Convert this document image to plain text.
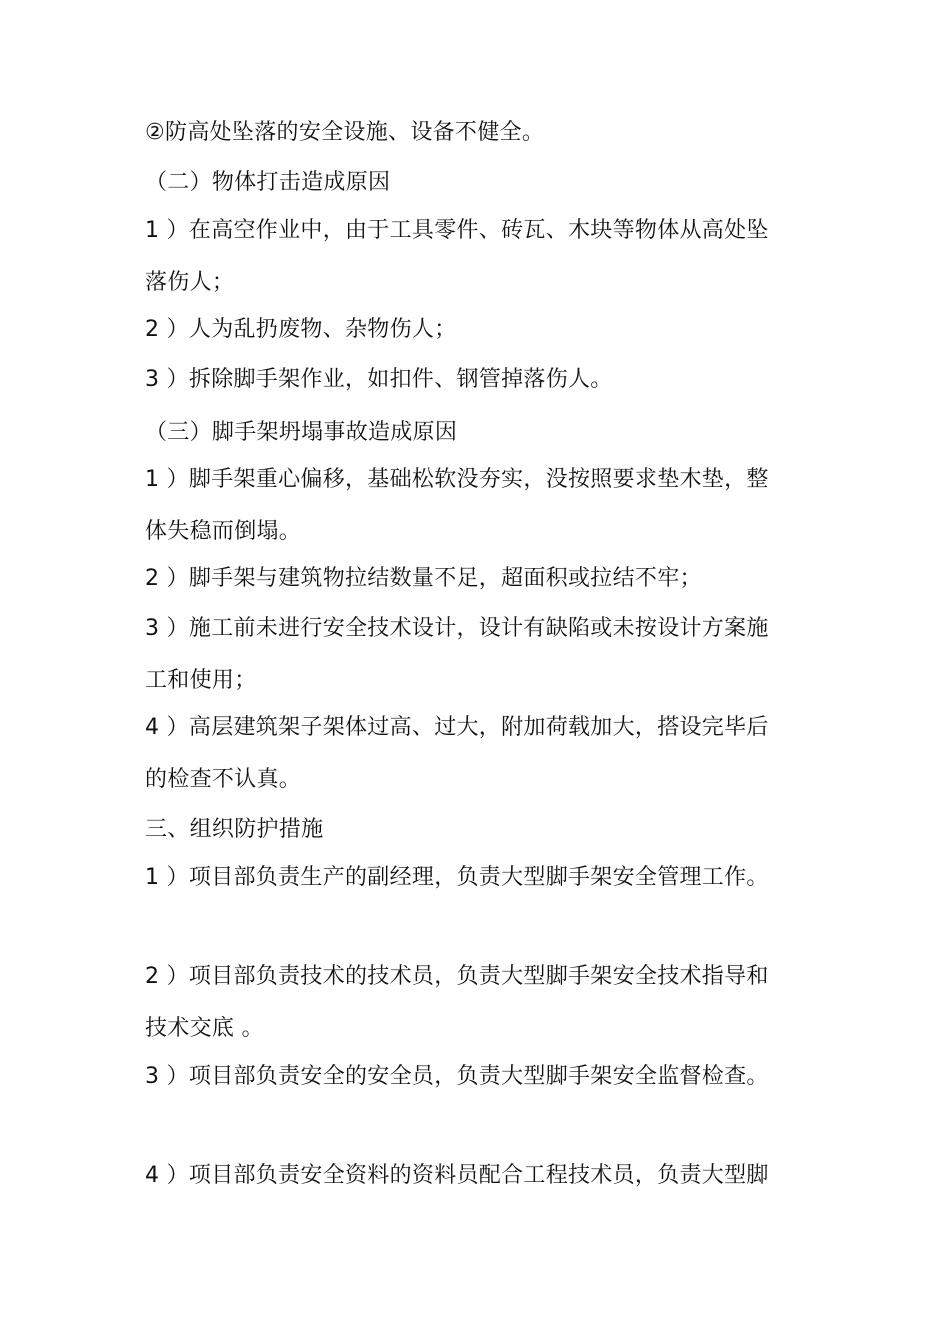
②防高处坠落的安全设施、设备不健全。
（二）物体打击造成原因
1 ）在高空作业中，由于工具零件、砖瓦、木块等物体从高处坠
落伤人；
2 ）人为乱扔废物、杂物伤人；
3 ）拆除脚手架作业，如扣件、钢管掉落伤人。
（三）脚手架坍塌事故造成原因
1 ）脚手架重心偏移，基础松软没夯实，没按照要求垫木垫，整
体失稳而倒塌。
2 ）脚手架与建筑物拉结数量不足，超面积或拉结不牢；
3 ）施工前未进行安全技术设计，设计有缺陷或未按设计方案施
工和使用；
4 ）高层建筑架子架体过高、过大，附加荷载加大，搭设完毕后
的检查不认真。
三、组织防护措施
1 ）项目部负责生产的副经理，负责大型脚手架安全管理工作。
2 ）项目部负责技术的技术员，负责大型脚手架安全技术指导和
技术交底 。
3 ）项目部负责安全的安全员，负责大型脚手架安全监督检查。
4 ）项目部负责安全资料的资料员配合工程技术员，负责大型脚
